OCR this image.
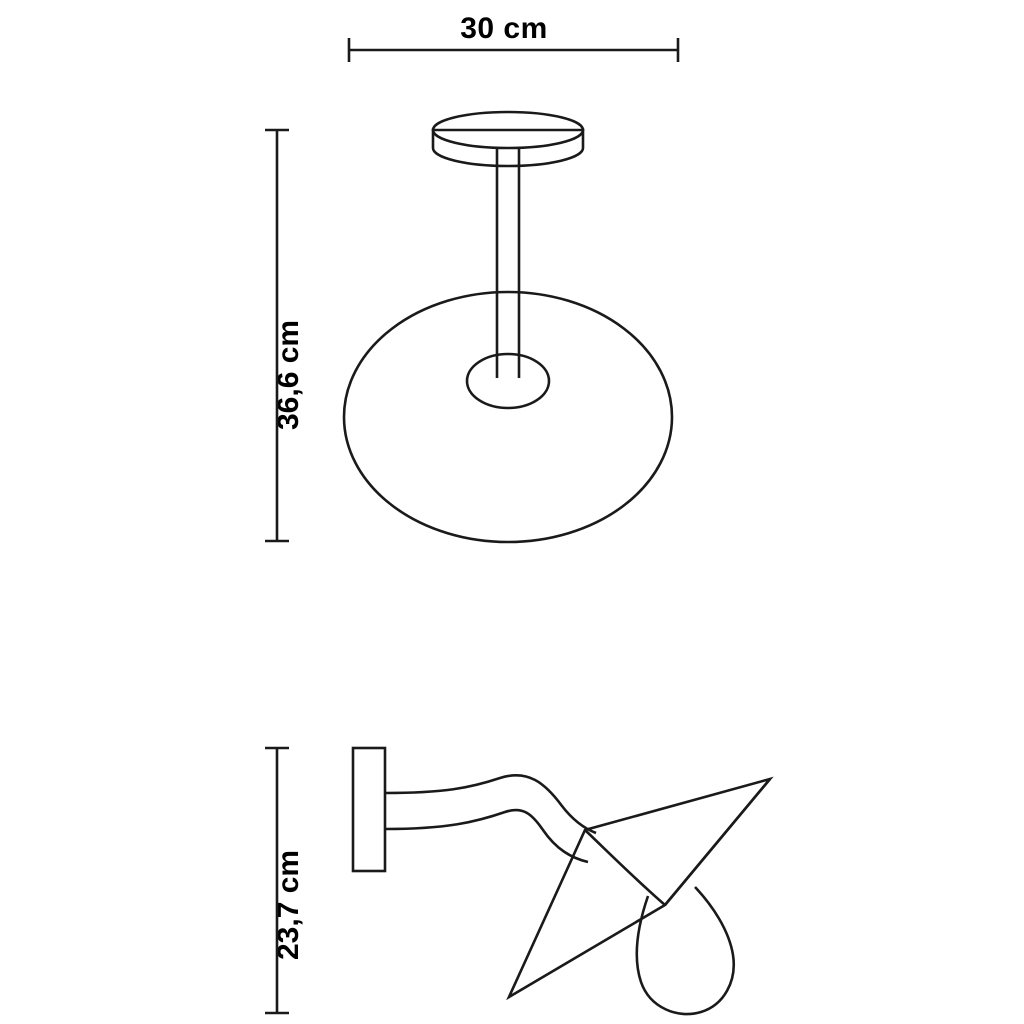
30 cm
36,6 cm
23,7 cm
